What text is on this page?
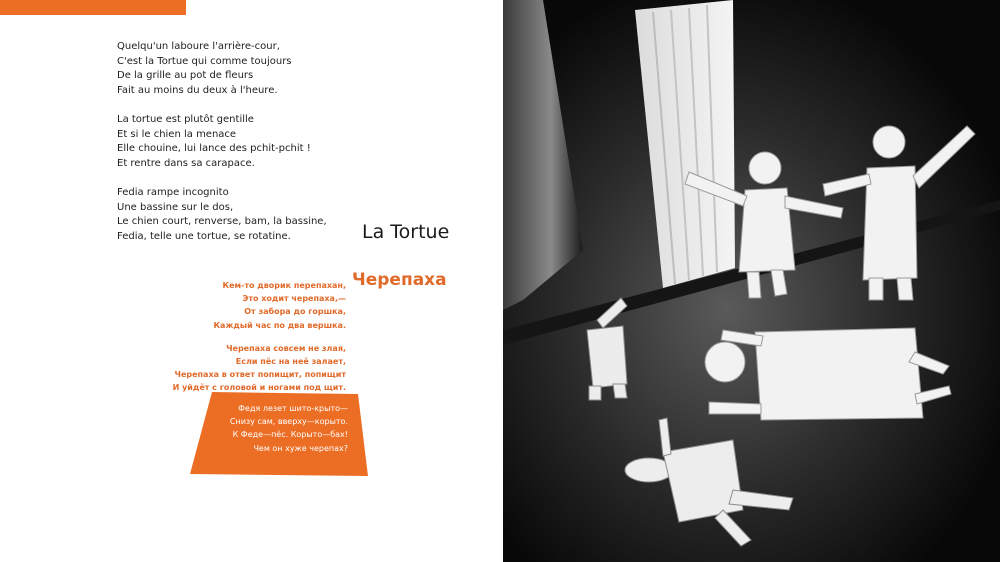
Quelqu'un laboure l'arrière-cour,
C'est la Tortue qui comme toujours
De la grille au pot de fleurs
Fait au moins du deux à l'heure.
La tortue est plutôt gentille
Et si le chien la menace
Elle chouine, lui lance des pchit-pchit !
Et rentre dans sa carapace.
Fedia rampe incognito
Une bassine sur le dos,
Le chien court, renverse, bam, la bassine,
Fedia, telle une tortue, se rotatine.	La Tortue
Черепаха
Кем-то дворик перепахан,
Это ходит черепаха,—
От забора до горшка,
Каждый час по два вершка.
Черепаха совсем не злая,
Если пёс на неё залает,
Черепаха в ответ попищит, попищит
И уйдёт с головой и ногами под щит.
Федя лезет шито-крыто—
Снизу сам, вверху—корыто.
К Феде—пёс. Корыто—бах!
Чем он хуже черепах?
